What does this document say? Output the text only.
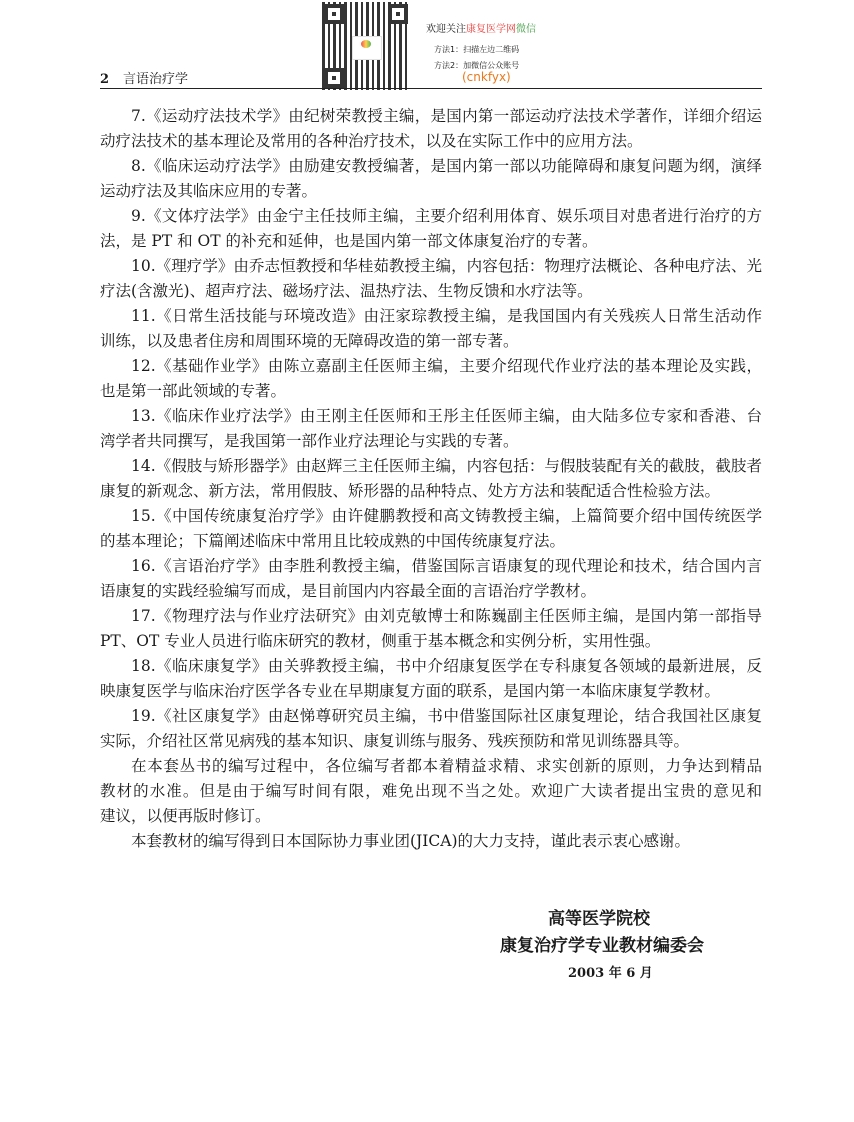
欢迎关注康复医学网微信
方法1：扫描左边二维码
方法2：加微信公众账号
(cnkfyx)
2 言语治疗学
7.《运动疗法技术学》由纪树荣教授主编，是国内第一部运动疗法技术学著作，详细介绍运
动疗法技术的基本理论及常用的各种治疗技术，以及在实际工作中的应用方法。
8.《临床运动疗法学》由励建安教授编著，是国内第一部以功能障碍和康复问题为纲，演绎
运动疗法及其临床应用的专著。
9.《文体疗法学》由金宁主任技师主编，主要介绍利用体育、娱乐项目对患者进行治疗的方
法，是 PT 和 OT 的补充和延伸，也是国内第一部文体康复治疗的专著。
10.《理疗学》由乔志恒教授和华桂茹教授主编，内容包括：物理疗法概论、各种电疗法、光
疗法(含激光)、超声疗法、磁场疗法、温热疗法、生物反馈和水疗法等。
11.《日常生活技能与环境改造》由汪家琮教授主编，是我国国内有关残疾人日常生活动作
训练，以及患者住房和周围环境的无障碍改造的第一部专著。
12.《基础作业学》由陈立嘉副主任医师主编，主要介绍现代作业疗法的基本理论及实践，
也是第一部此领域的专著。
13.《临床作业疗法学》由王刚主任医师和王彤主任医师主编，由大陆多位专家和香港、台
湾学者共同撰写，是我国第一部作业疗法理论与实践的专著。
14.《假肢与矫形器学》由赵辉三主任医师主编，内容包括：与假肢装配有关的截肢，截肢者
康复的新观念、新方法，常用假肢、矫形器的品种特点、处方方法和装配适合性检验方法。
15.《中国传统康复治疗学》由许健鹏教授和高文铸教授主编，上篇简要介绍中国传统医学
的基本理论；下篇阐述临床中常用且比较成熟的中国传统康复疗法。
16.《言语治疗学》由李胜利教授主编，借鉴国际言语康复的现代理论和技术，结合国内言
语康复的实践经验编写而成，是目前国内内容最全面的言语治疗学教材。
17.《物理疗法与作业疗法研究》由刘克敏博士和陈巍副主任医师主编，是国内第一部指导
PT、OT 专业人员进行临床研究的教材，侧重于基本概念和实例分析，实用性强。
18.《临床康复学》由关骅教授主编，书中介绍康复医学在专科康复各领域的最新进展，反
映康复医学与临床治疗医学各专业在早期康复方面的联系，是国内第一本临床康复学教材。
19.《社区康复学》由赵悌尊研究员主编，书中借鉴国际社区康复理论，结合我国社区康复
实际，介绍社区常见病残的基本知识、康复训练与服务、残疾预防和常见训练器具等。
在本套丛书的编写过程中，各位编写者都本着精益求精、求实创新的原则，力争达到精品
教材的水准。但是由于编写时间有限，难免出现不当之处。欢迎广大读者提出宝贵的意见和
建议，以便再版时修订。
本套教材的编写得到日本国际协力事业团(JICA)的大力支持，谨此表示衷心感谢。
高等医学院校
康复治疗学专业教材编委会
2003 年 6 月
